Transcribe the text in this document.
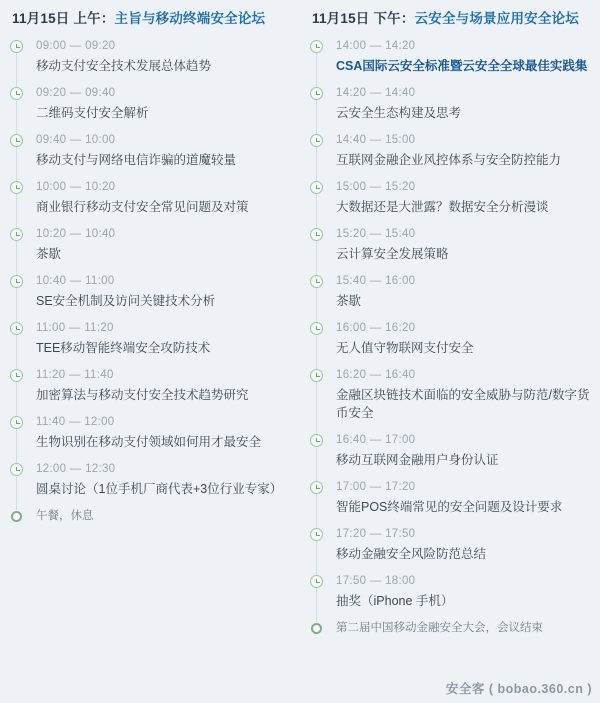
11月15日 上午：主旨与移动终端安全论坛
09:00 — 09:20
移动支付安全技术发展总体趋势
09:20 — 09:40
二维码支付安全解析
09:40 — 10:00
移动支付与网络电信诈骗的道魔较量
10:00 — 10:20
商业银行移动支付安全常见问题及对策
10:20 — 10:40
茶歇
10:40 — 11:00
SE安全机制及访问关键技术分析
11:00 — 11:20
TEE移动智能终端安全攻防技术
11:20 — 11:40
加密算法与移动支付安全技术趋势研究
11:40 — 12:00
生物识别在移动支付领域如何用才最安全
12:00 — 12:30
圆桌讨论（1位手机厂商代表+3位行业专家）
午餐，休息
11月15日 下午：云安全与场景应用安全论坛
14:00 — 14:20
CSA国际云安全标准暨云安全全球最佳实践集
14:20 — 14:40
云安全生态构建及思考
14:40 — 15:00
互联网金融企业风控体系与安全防控能力
15:00 — 15:20
大数据还是大泄露？数据安全分析漫谈
15:20 — 15:40
云计算安全发展策略
15:40 — 16:00
茶歇
16:00 — 16:20
无人值守物联网支付安全
16:20 — 16:40
金融区块链技术面临的安全威胁与防范/数字货币安全
16:40 — 17:00
移动互联网金融用户身份认证
17:00 — 17:20
智能POS终端常见的安全问题及设计要求
17:20 — 17:50
移动金融安全风险防范总结
17:50 — 18:00
抽奖（iPhone 手机）
第二届中国移动金融安全大会，会议结束
安全客 ( bobao.360.cn )
